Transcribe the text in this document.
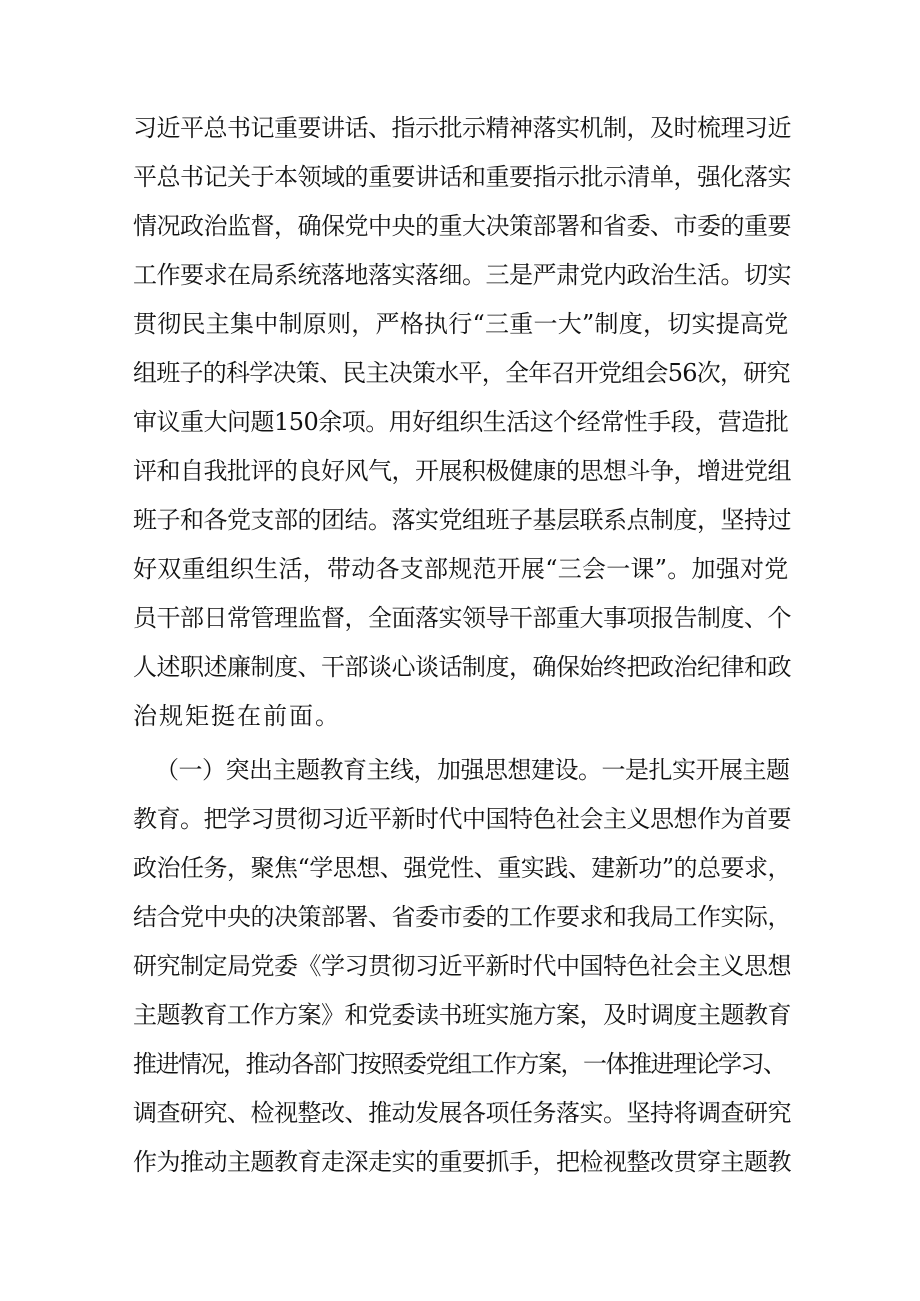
习近平总书记重要讲话、指示批示精神落实机制，及时梳理习近
平总书记关于本领域的重要讲话和重要指示批示清单，强化落实
情况政治监督，确保党中央的重大决策部署和省委、市委的重要
工作要求在局系统落地落实落细。三是严肃党内政治生活。切实
贯彻民主集中制原则，严格执行“三重一大”制度，切实提高党
组班子的科学决策、民主决策水平，全年召开党组会56次，研究
审议重大问题150余项。用好组织生活这个经常性手段，营造批
评和自我批评的良好风气，开展积极健康的思想斗争，增进党组
班子和各党支部的团结。落实党组班子基层联系点制度，坚持过
好双重组织生活，带动各支部规范开展“三会一课”。加强对党
员干部日常管理监督，全面落实领导干部重大事项报告制度、个
人述职述廉制度、干部谈心谈话制度，确保始终把政治纪律和政
治规矩挺在前面。
（一）突出主题教育主线，加强思想建设。一是扎实开展主题
教育。把学习贯彻习近平新时代中国特色社会主义思想作为首要
政治任务，聚焦“学思想、强党性、重实践、建新功”的总要求，
结合党中央的决策部署、省委市委的工作要求和我局工作实际，
研究制定局党委《学习贯彻习近平新时代中国特色社会主义思想
主题教育工作方案》和党委读书班实施方案，及时调度主题教育
推进情况，推动各部门按照委党组工作方案，一体推进理论学习、
调查研究、检视整改、推动发展各项任务落实。坚持将调查研究
作为推动主题教育走深走实的重要抓手，把检视整改贯穿主题教
